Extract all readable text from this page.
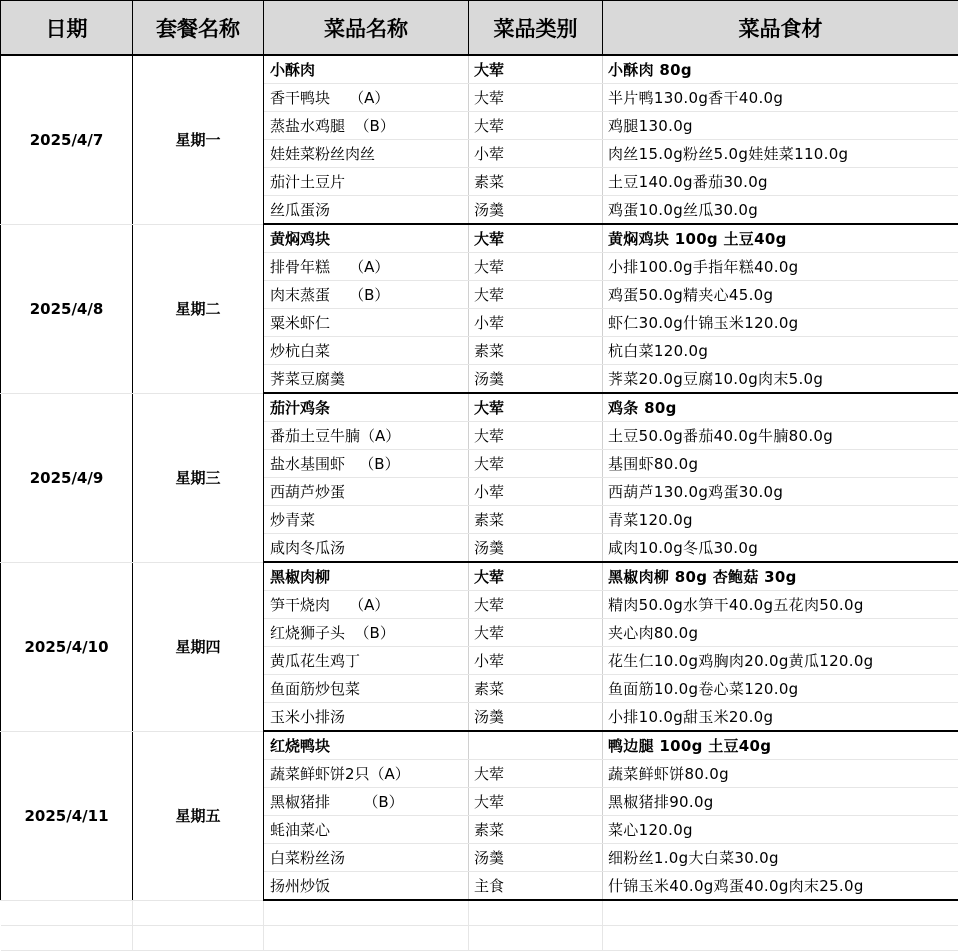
日期	套餐名称	菜品名称	菜品类别	菜品食材
2025/4/7	星期一	小酥肉	大荤	小酥肉 80g
		香干鸭块    （A）	大荤	半片鸭130.0g香干40.0g
		蒸盐水鸡腿  （B）	大荤	鸡腿130.0g
		娃娃菜粉丝肉丝	小荤	肉丝15.0g粉丝5.0g娃娃菜110.0g
		茄汁土豆片	素菜	土豆140.0g番茄30.0g
		丝瓜蛋汤	汤羹	鸡蛋10.0g丝瓜30.0g
2025/4/8	星期二	黄焖鸡块	大荤	黄焖鸡块 100g 土豆40g
		排骨年糕    （A）	大荤	小排100.0g手指年糕40.0g
		肉末蒸蛋    （B）	大荤	鸡蛋50.0g精夹心45.0g
		粟米虾仁	小荤	虾仁30.0g什锦玉米120.0g
		炒杭白菜	素菜	杭白菜120.0g
		荠菜豆腐羹	汤羹	荠菜20.0g豆腐10.0g肉末5.0g
2025/4/9	星期三	茄汁鸡条	大荤	鸡条 80g
		番茄土豆牛腩（A）	大荤	土豆50.0g番茄40.0g牛腩80.0g
		盐水基围虾   （B）	大荤	基围虾80.0g
		西葫芦炒蛋	小荤	西葫芦130.0g鸡蛋30.0g
		炒青菜	素菜	青菜120.0g
		咸肉冬瓜汤	汤羹	咸肉10.0g冬瓜30.0g
2025/4/10	星期四	黑椒肉柳	大荤	黑椒肉柳 80g 杏鲍菇 30g
		笋干烧肉    （A）	大荤	精肉50.0g水笋干40.0g五花肉50.0g
		红烧狮子头  （B）	大荤	夹心肉80.0g
		黄瓜花生鸡丁	小荤	花生仁10.0g鸡胸肉20.0g黄瓜120.0g
		鱼面筋炒包菜	素菜	鱼面筋10.0g卷心菜120.0g
		玉米小排汤	汤羹	小排10.0g甜玉米20.0g
2025/4/11	星期五	红烧鸭块		鸭边腿 100g 土豆40g
		蔬菜鲜虾饼2只（A）	大荤	蔬菜鲜虾饼80.0g
		黑椒猪排       （B）	大荤	黑椒猪排90.0g
		蚝油菜心	素菜	菜心120.0g
		白菜粉丝汤	汤羹	细粉丝1.0g大白菜30.0g
		扬州炒饭	主食	什锦玉米40.0g鸡蛋40.0g肉末25.0g
